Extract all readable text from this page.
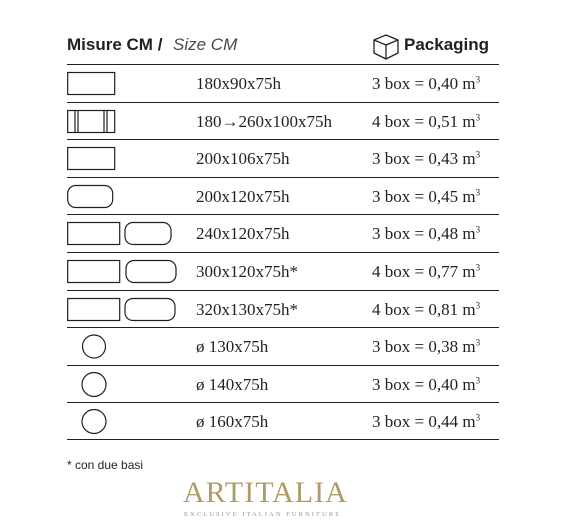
Misure CM / Size CM	Packaging
180x90x75h	3 box = 0,40 $m^3$
180→260x100x75h 4 box = 0,51 $m^3$
200x106x75h	3 box = 0,43 $m^3$
200x120x75h	3 box = 0,45 $m^3$
240x120x75h	3 box = 0,48 $m^3$
300x120x75h*	4 box = 0,77 $m^3$
320x130x75h*	4 box = 0,81 $m^3$
ø 130x75h	3 box = 0,38 $m^3$
ø 140x75h	3 box = 0,40 $m^3$
ø 160x75h	3 box = 0,44 $m^3$
* con due basi
ARTITALIA
EXCLUSIVE ITALIAN FURNITURE
